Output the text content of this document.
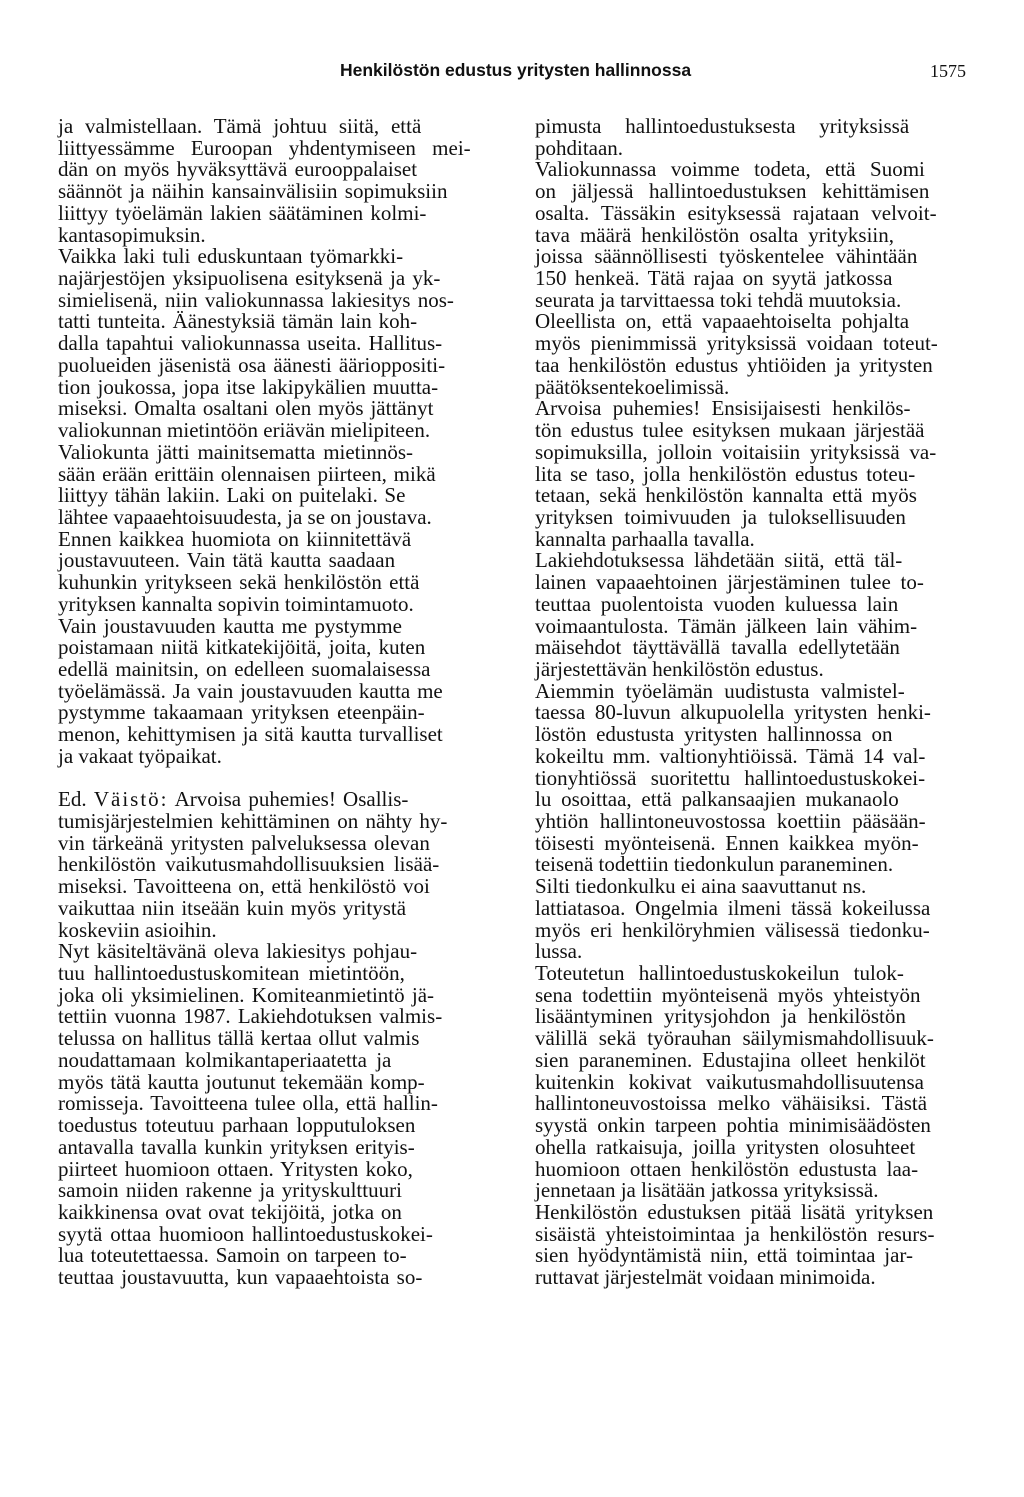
Henkilöstön edustus yritysten hallinnossa	1575
ja valmistellaan. Tämä johtuu siitä, että
liittyessämme Euroopan yhdentymiseen mei-
dän on myös hyväksyttävä eurooppalaiset
säännöt ja näihin kansainvälisiin sopimuksiin
liittyy työelämän lakien säätäminen kolmi-
kantasopimuksin.
Vaikka laki tuli eduskuntaan työmarkki-
najärjestöjen yksipuolisena esityksenä ja yk-
simielisenä, niin valiokunnassa lakiesitys nos-
tatti tunteita. Äänestyksiä tämän lain koh-
dalla tapahtui valiokunnassa useita. Hallitus-
puolueiden jäsenistä osa äänesti äärioppositi-
tion joukossa, jopa itse lakipykälien muutta-
miseksi. Omalta osaltani olen myös jättänyt
valiokunnan mietintöön eriävän mielipiteen.
Valiokunta jätti mainitsematta mietinnös-
sään erään erittäin olennaisen piirteen, mikä
liittyy tähän lakiin. Laki on puitelaki. Se
lähtee vapaaehtoisuudesta, ja se on joustava.
Ennen kaikkea huomiota on kiinnitettävä
joustavuuteen. Vain tätä kautta saadaan
kuhunkin yritykseen sekä henkilöstön että
yrityksen kannalta sopivin toimintamuoto.
Vain joustavuuden kautta me pystymme
poistamaan niitä kitkatekijöitä, joita, kuten
edellä mainitsin, on edelleen suomalaisessa
työelämässä. Ja vain joustavuuden kautta me
pystymme takaamaan yrityksen eteenpäin-
menon, kehittymisen ja sitä kautta turvalliset
ja vakaat työpaikat.
Ed. Väistö: Arvoisa puhemies! Osallis-
tumisjärjestelmien kehittäminen on nähty hy-
vin tärkeänä yritysten palveluksessa olevan
henkilöstön vaikutusmahdollisuuksien lisää-
miseksi. Tavoitteena on, että henkilöstö voi
vaikuttaa niin itseään kuin myös yritystä
koskeviin asioihin.
Nyt käsiteltävänä oleva lakiesitys pohjau-
tuu hallintoedustuskomitean mietintöön,
joka oli yksimielinen. Komiteanmietintö jä-
tettiin vuonna 1987. Lakiehdotuksen valmis-
telussa on hallitus tällä kertaa ollut valmis
noudattamaan kolmikantaperiaatetta ja
myös tätä kautta joutunut tekemään komp-
romisseja. Tavoitteena tulee olla, että hallin-
toedustus toteutuu parhaan lopputuloksen
antavalla tavalla kunkin yrityksen erityis-
piirteet huomioon ottaen. Yritysten koko,
samoin niiden rakenne ja yrityskulttuuri
kaikkinensa ovat ovat tekijöitä, jotka on
syytä ottaa huomioon hallintoedustuskokei-
lua toteutettaessa. Samoin on tarpeen to-
teuttaa joustavuutta, kun vapaaehtoista so-
pimusta hallintoedustuksesta yrityksissä
pohditaan.
Valiokunnassa voimme todeta, että Suomi
on jäljessä hallintoedustuksen kehittämisen
osalta. Tässäkin esityksessä rajataan velvoit-
tava määrä henkilöstön osalta yrityksiin,
joissa säännöllisesti työskentelee vähintään
150 henkeä. Tätä rajaa on syytä jatkossa
seurata ja tarvittaessa toki tehdä muutoksia.
Oleellista on, että vapaaehtoiselta pohjalta
myös pienimmissä yrityksissä voidaan toteut-
taa henkilöstön edustus yhtiöiden ja yritysten
päätöksentekoelimissä.
Arvoisa puhemies! Ensisijaisesti henkilös-
tön edustus tulee esityksen mukaan järjestää
sopimuksilla, jolloin voitaisiin yrityksissä va-
lita se taso, jolla henkilöstön edustus toteu-
tetaan, sekä henkilöstön kannalta että myös
yrityksen toimivuuden ja tuloksellisuuden
kannalta parhaalla tavalla.
Lakiehdotuksessa lähdetään siitä, että täl-
lainen vapaaehtoinen järjestäminen tulee to-
teuttaa puolentoista vuoden kuluessa lain
voimaantulosta. Tämän jälkeen lain vähim-
mäisehdot täyttävällä tavalla edellytetään
järjestettävän henkilöstön edustus.
Aiemmin työelämän uudistusta valmistel-
taessa 80-luvun alkupuolella yritysten henki-
löstön edustusta yritysten hallinnossa on
kokeiltu mm. valtionyhtiöissä. Tämä 14 val-
tionyhtiössä suoritettu hallintoedustuskokei-
lu osoittaa, että palkansaajien mukanaolo
yhtiön hallintoneuvostossa koettiin pääsään-
töisesti myönteisenä. Ennen kaikkea myön-
teisenä todettiin tiedonkulun paraneminen.
Silti tiedonkulku ei aina saavuttanut ns.
lattiatasoa. Ongelmia ilmeni tässä kokeilussa
myös eri henkilöryhmien välisessä tiedonku-
lussa.
Toteutetun hallintoedustuskokeilun tulok-
sena todettiin myönteisenä myös yhteistyön
lisääntyminen yritysjohdon ja henkilöstön
välillä sekä työrauhan säilymismahdollisuuk-
sien paraneminen. Edustajina olleet henkilöt
kuitenkin kokivat vaikutusmahdollisuutensa
hallintoneuvostoissa melko vähäisiksi. Tästä
syystä onkin tarpeen pohtia minimisäädösten
ohella ratkaisuja, joilla yritysten olosuhteet
huomioon ottaen henkilöstön edustusta laa-
jennetaan ja lisätään jatkossa yrityksissä.
Henkilöstön edustuksen pitää lisätä yrityksen
sisäistä yhteistoimintaa ja henkilöstön resurs-
sien hyödyntämistä niin, että toimintaa jar-
ruttavat järjestelmät voidaan minimoida.
